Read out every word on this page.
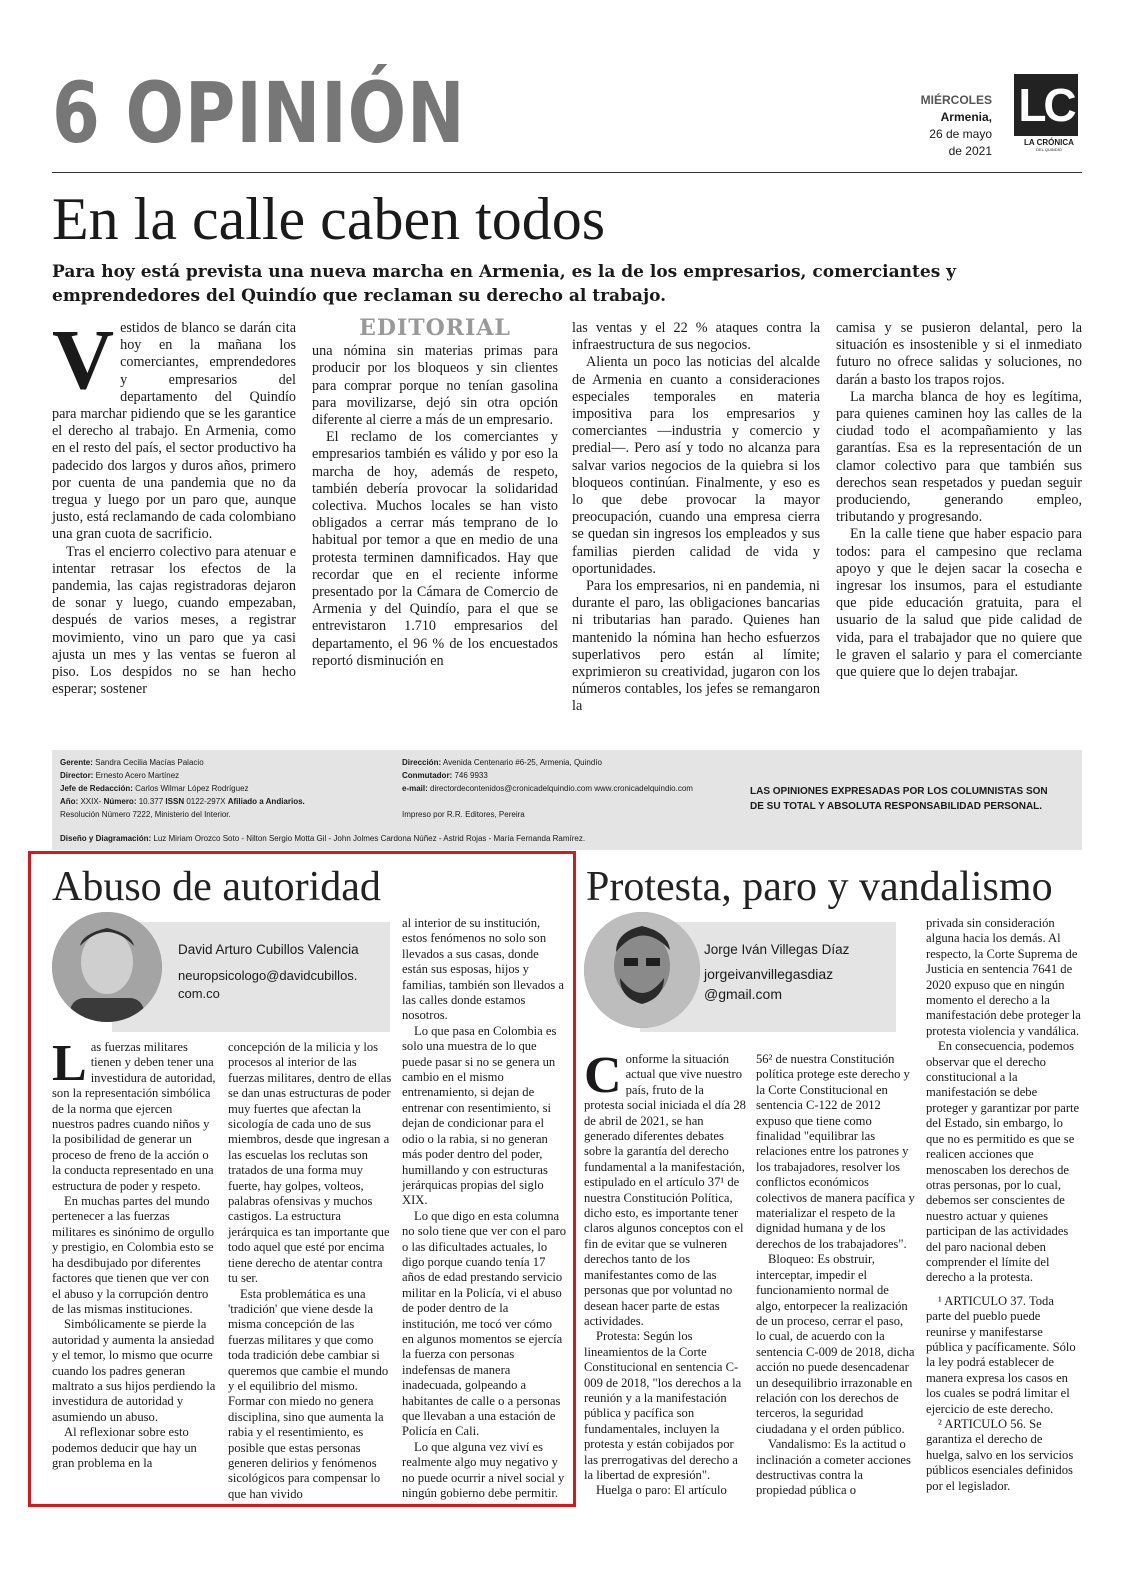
6 OPINIÓN	MIÉRCOLES
Armenia,
26 de mayo
de 2021
LC
LA CRÓNICA
DEL QUINDÍO
En la calle caben todos
Para hoy está prevista una nueva marcha en Armenia, es la de los empresarios, comerciantes y emprendedores del Quindío que reclaman su derecho al trabajo.

Vestidos de blanco se darán cita hoy en la mañana los comerciantes, emprendedores y empresarios del departamento del Quindío para marchar pidiendo que se les garantice el derecho al trabajo. En Armenia, como en el resto del país, el sector productivo ha padecido dos largos y duros años, primero por cuenta de una pandemia que no da tregua y luego por un paro que, aunque justo, está reclamando de cada colombiano una gran cuota de sacrificio.

Tras el encierro colectivo para atenuar e intentar retrasar los efectos de la pandemia, las cajas registradoras dejaron de sonar y luego, cuando empezaban, después de varios meses, a registrar movimiento, vino un paro que ya casi ajusta un mes y las ventas se fueron al piso. Los despidos no se han hecho esperar; sostener

EDITORIAL

una nómina sin materias primas para producir por los bloqueos y sin clientes para comprar porque no tenían gasolina para movilizarse, dejó sin otra opción diferente al cierre a más de un empresario.

El reclamo de los comerciantes y empresarios también es válido y por eso la marcha de hoy, además de respeto, también debería provocar la solidaridad colectiva. Muchos locales se han visto obligados a cerrar más temprano de lo habitual por temor a que en medio de una protesta terminen damnificados. Hay que recordar que en el reciente informe presentado por la Cámara de Comercio de Armenia y del Quindío, para el que se entrevistaron 1.710 empresarios del departamento, el 96 % de los encuestados reportó disminución en

las ventas y el 22 % ataques contra la infraestructura de sus negocios.

Alienta un poco las noticias del alcalde de Armenia en cuanto a consideraciones especiales temporales en materia impositiva para los empresarios y comerciantes —industria y comercio y predial—. Pero así y todo no alcanza para salvar varios negocios de la quiebra si los bloqueos continúan. Finalmente, y eso es lo que debe provocar la mayor preocupación, cuando una empresa cierra se quedan sin ingresos los empleados y sus familias pierden calidad de vida y oportunidades.

Para los empresarios, ni en pandemia, ni durante el paro, las obligaciones bancarias ni tributarias han parado. Quienes han mantenido la nómina han hecho esfuerzos superlativos pero están al límite; exprimieron su creatividad, jugaron con los números contables, los jefes se remangaron la

camisa y se pusieron delantal, pero la situación es insostenible y si el inmediato futuro no ofrece salidas y soluciones, no darán a basto los trapos rojos.

La marcha blanca de hoy es legítima, para quienes caminen hoy las calles de la ciudad todo el acompañamiento y las garantías. Esa es la representación de un clamor colectivo para que también sus derechos sean respetados y puedan seguir produciendo, generando empleo, tributando y progresando.

En la calle tiene que haber espacio para todos: para el campesino que reclama apoyo y que le dejen sacar la cosecha e ingresar los insumos, para el estudiante que pide educación gratuita, para el usuario de la salud que pide calidad de vida, para el trabajador que no quiere que le graven el salario y para el comerciante que quiere que lo dejen trabajar.

Gerente: Sandra Cecilia Macías Palacio
Director: Ernesto Acero Martínez
Jefe de Redacción: Carlos Wilmar López Rodríguez
Año: XXIX- Número: 10.377 ISSN 0122-297X Afiliado a Andiarios.
Resolución Número 7222, Ministerio del Interior.
Dirección: Avenida Centenario #6-25, Armenia, Quindío
Conmutador: 746 9933
e-mail: directordecontenidos@cronicadelquindio.com www.cronicadelquindio.com

Impreso por R.R. Editores, Pereira
LAS OPINIONES EXPRESADAS POR LOS COLUMNISTAS SON DE SU TOTAL Y ABSOLUTA RESPONSABILIDAD PERSONAL.
Diseño y Diagramación: Luz Miriam Orozco Soto - Nilton Sergio Motta Gil - John Jolmes Cardona Núñez - Astrid Rojas - María Fernanda Ramírez.
Abuso de autoridad
David Arturo Cubillos Valencia
neuropsicologo@davidcubillos.
com.co

Las fuerzas militares tienen y deben tener una investidura de autoridad, son la representación simbólica de la norma que ejercen nuestros padres cuando niños y la posibilidad de generar un proceso de freno de la acción o la conducta representado en una estructura de poder y respeto.

En muchas partes del mundo pertenecer a las fuerzas militares es sinónimo de orgullo y prestigio, en Colombia esto se ha desdibujado por diferentes factores que tienen que ver con el abuso y la corrupción dentro de las mismas instituciones.

Simbólicamente se pierde la autoridad y aumenta la ansiedad y el temor, lo mismo que ocurre cuando los padres generan maltrato a sus hijos perdiendo la investidura de autoridad y asumiendo un abuso.

Al reflexionar sobre esto podemos deducir que hay un gran problema en la

concepción de la milicia y los procesos al interior de las fuerzas militares, dentro de ellas se dan unas estructuras de poder muy fuertes que afectan la sicología de cada uno de sus miembros, desde que ingresan a las escuelas los reclutas son tratados de una forma muy fuerte, hay golpes, volteos, palabras ofensivas y muchos castigos. La estructura jerárquica es tan importante que todo aquel que esté por encima tiene derecho de atentar contra tu ser.

Esta problemática es una 'tradición' que viene desde la misma concepción de las fuerzas militares y que como toda tradición debe cambiar si queremos que cambie el mundo y el equilibrio del mismo. Formar con miedo no genera disciplina, sino que aumenta la rabia y el resentimiento, es posible que estas personas generen delirios y fenómenos sicológicos para compensar lo que han vivido

al interior de su institución, estos fenómenos no solo son llevados a sus casas, donde están sus esposas, hijos y familias, también son llevados a las calles donde estamos nosotros.

Lo que pasa en Colombia es solo una muestra de lo que puede pasar si no se genera un cambio en el mismo entrenamiento, si dejan de entrenar con resentimiento, si dejan de condicionar para el odio o la rabia, si no generan más poder dentro del poder, humillando y con estructuras jerárquicas propias del siglo XIX.

Lo que digo en esta columna no solo tiene que ver con el paro o las dificultades actuales, lo digo porque cuando tenía 17 años de edad prestando servicio militar en la Policía, vi el abuso de poder dentro de la institución, me tocó ver cómo en algunos momentos se ejercía la fuerza con personas indefensas de manera inadecuada, golpeando a habitantes de calle o a personas que llevaban a una estación de Policía en Cali.

Lo que alguna vez viví es realmente algo muy negativo y no puede ocurrir a nivel social y ningún gobierno debe permitir.

Protesta, paro y vandalismo
Jorge Iván Villegas Díaz
jorgeivanvillegasdiaz
@gmail.com

Conforme la situación actual que vive nuestro país, fruto de la protesta social iniciada el día 28 de abril de 2021, se han generado diferentes debates sobre la garantía del derecho fundamental a la manifestación, estipulado en el artículo 37¹ de nuestra Constitución Política, dicho esto, es importante tener claros algunos conceptos con el fin de evitar que se vulneren derechos tanto de los manifestantes como de las personas que por voluntad no desean hacer parte de estas actividades.

Protesta: Según los lineamientos de la Corte Constitucional en sentencia C-009 de 2018, "los derechos a la reunión y a la manifestación pública y pacífica son fundamentales, incluyen la protesta y están cobijados por las prerrogativas del derecho a la libertad de expresión".

Huelga o paro: El artículo

56² de nuestra Constitución política protege este derecho y la Corte Constitucional en sentencia C-122 de 2012 expuso que tiene como finalidad "equilibrar las relaciones entre los patrones y los trabajadores, resolver los conflictos económicos colectivos de manera pacífica y materializar el respeto de la dignidad humana y de los derechos de los trabajadores".

Bloqueo: Es obstruir, interceptar, impedir el funcionamiento normal de algo, entorpecer la realización de un proceso, cerrar el paso, lo cual, de acuerdo con la sentencia C-009 de 2018, dicha acción no puede desencadenar un desequilibrio irrazonable en relación con los derechos de terceros, la seguridad ciudadana y el orden público.

Vandalismo: Es la actitud o inclinación a cometer acciones destructivas contra la propiedad pública o

privada sin consideración alguna hacia los demás. Al respecto, la Corte Suprema de Justicia en sentencia 7641 de 2020 expuso que en ningún momento el derecho a la manifestación debe proteger la protesta violencia y vandálica.

En consecuencia, podemos observar que el derecho constitucional a la manifestación se debe proteger y garantizar por parte del Estado, sin embargo, lo que no es permitido es que se realicen acciones que menoscaben los derechos de otras personas, por lo cual, debemos ser conscientes de nuestro actuar y quienes participan de las actividades del paro nacional deben comprender el límite del derecho a la protesta.

¹ ARTICULO 37. Toda parte del pueblo puede reunirse y manifestarse pública y pacíficamente. Sólo la ley podrá establecer de manera expresa los casos en los cuales se podrá limitar el ejercicio de este derecho.

² ARTICULO 56. Se garantiza el derecho de huelga, salvo en los servicios públicos esenciales definidos por el legislador.
